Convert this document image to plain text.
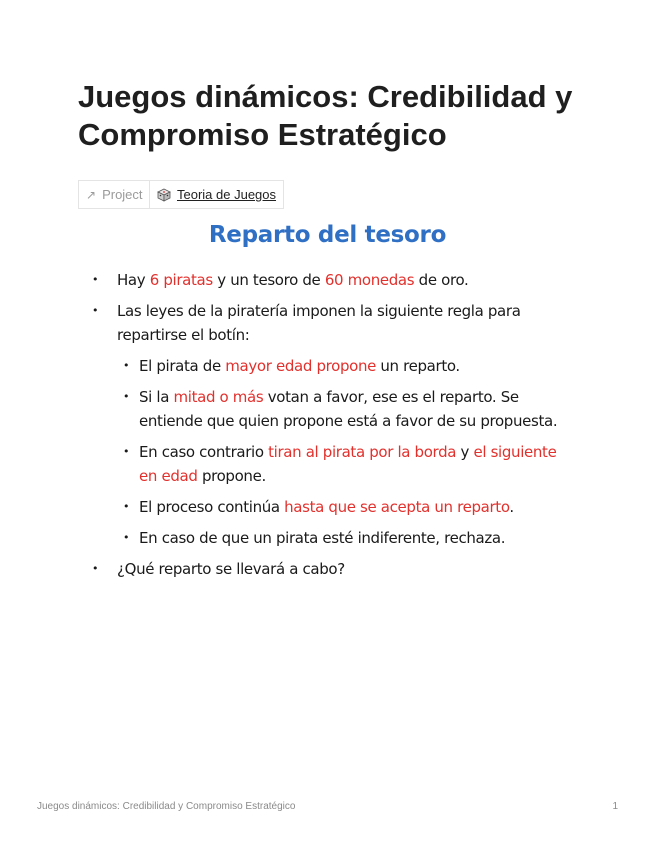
Juegos dinámicos: Credibilidad y Compromiso Estratégico
↗ Project	Teoria de Juegos
Reparto del tesoro
• Hay 6 piratas y un tesoro de 60 monedas de oro.
• Las leyes de la piratería imponen la siguiente regla para repartirse el botín:
• El pirata de mayor edad propone un reparto.
• Si la mitad o más votan a favor, ese es el reparto. Se entiende que quien propone está a favor de su propuesta.
• En caso contrario tiran al pirata por la borda y el siguiente en edad propone.
• El proceso continúa hasta que se acepta un reparto.
• En caso de que un pirata esté indiferente, rechaza.
• ¿Qué reparto se llevará a cabo?
Juegos dinámicos: Credibilidad y Compromiso Estratégico	1
